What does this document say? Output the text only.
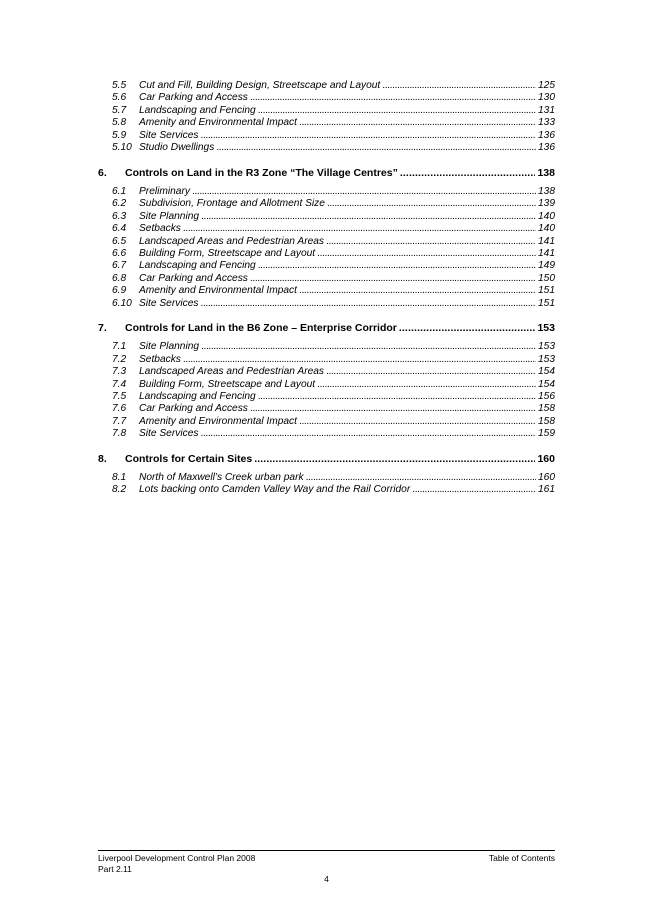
5.5	Cut and Fill, Building Design, Streetscape and Layout . . .	125
5.6	Car Parking and Access . . .	130
5.7	Landscaping and Fencing . . .	131
5.8	Amenity and Environmental Impact . . .	133
5.9	Site Services . . .	136
5.10 Studio Dwellings . . .	136
6.	Controls on Land in the R3 Zone “The Village Centres” . . .	138
6.1	Preliminary . . .	138
6.2	Subdivision, Frontage and Allotment Size . . .	139
6.3	Site Planning . . .	140
6.4	Setbacks . . .	140
6.5	Landscaped Areas and Pedestrian Areas . . .	141
6.6	Building Form, Streetscape and Layout . . .	141
6.7	Landscaping and Fencing . . .	149
6.8	Car Parking and Access . . .	150
6.9	Amenity and Environmental Impact . . .	151
6.10 Site Services . . .	151
7.	Controls for Land in the B6 Zone – Enterprise Corridor . . .	153
7.1	Site Planning . . .	153
7.2	Setbacks . . .	153
7.3	Landscaped Areas and Pedestrian Areas . . .	154
7.4	Building Form, Streetscape and Layout . . .	154
7.5	Landscaping and Fencing . . .	156
7.6	Car Parking and Access . . .	158
7.7	Amenity and Environmental Impact . . .	158
7.8	Site Services . . .	159
8.	Controls for Certain Sites . . .	160
8.1	North of Maxwell’s Creek urban park . . .	160
8.2	Lots backing onto Camden Valley Way and the Rail Corridor . . .	161
Liverpool Development Control Plan 2008
Part 2.11
Table of Contents
4
